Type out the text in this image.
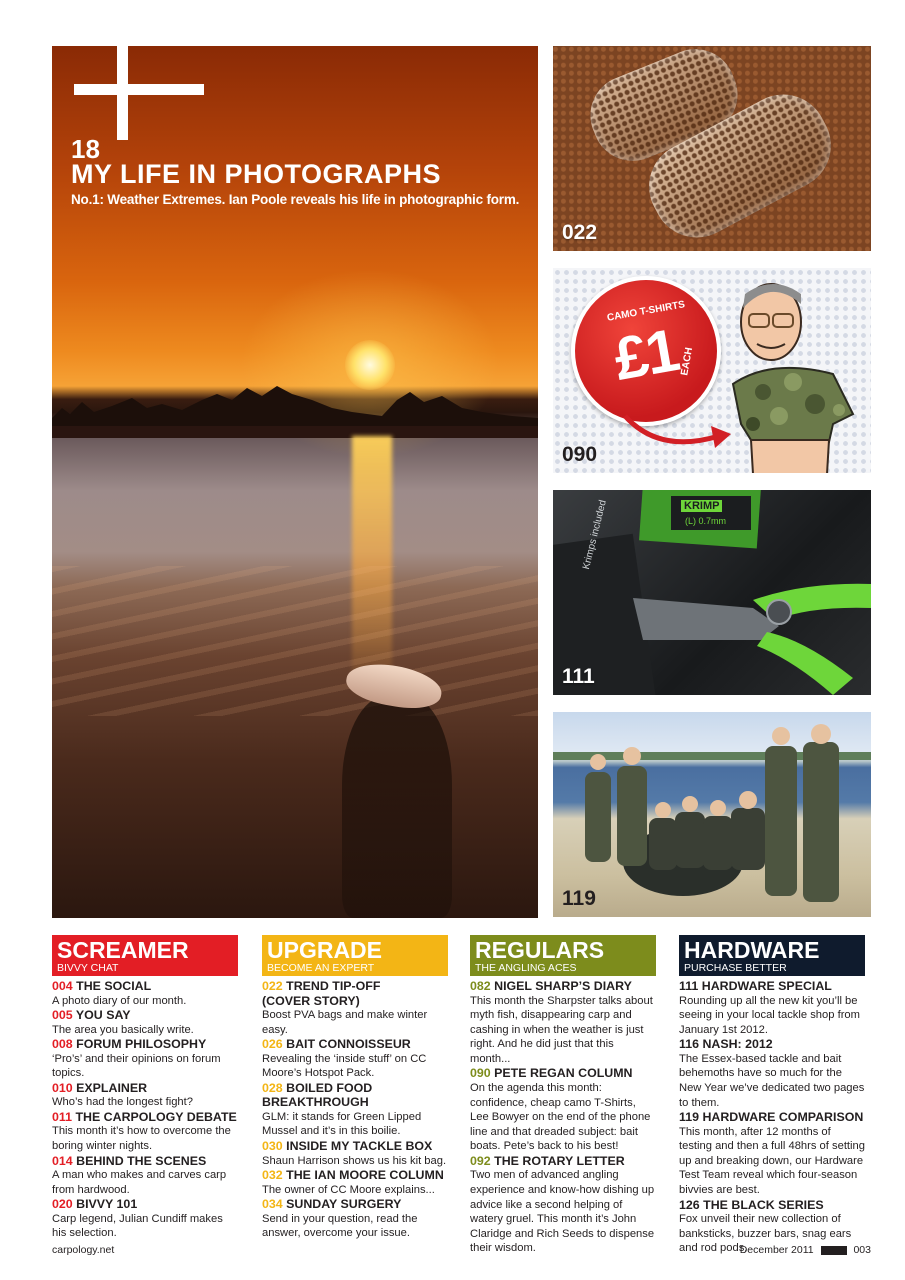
18
MY LIFE IN PHOTOGRAPHS
No.1: Weather Extremes. Ian Poole reveals his life in photographic form.
022
CAMO T-SHIRTS
£1
EACH
090
KRIMP
(L) 0.7mm
Krimps included
111
119
SCREAMER
BIVVY CHAT
004 THE SOCIAL
A photo diary of our month.
005 YOU SAY
The area you basically write.
008 FORUM PHILOSOPHY
‘Pro’s’ and their opinions on forum topics.
010 EXPLAINER
Who’s had the longest fight?
011 THE CARPOLOGY DEBATE
This month it’s how to overcome the boring winter nights.
014 BEHIND THE SCENES
A man who makes and carves carp from hardwood.
020 BIVVY 101
Carp legend, Julian Cundiff makes his selection.
UPGRADE
BECOME AN EXPERT
022 TREND TIP-OFF
(COVER STORY)
Boost PVA bags and make winter easy.
026 BAIT CONNOISSEUR
Revealing the ‘inside stuff’ on CC Moore’s Hotspot Pack.
028 BOILED FOOD
BREAKTHROUGH
GLM: it stands for Green Lipped Mussel and it’s in this boilie.
030 INSIDE MY TACKLE BOX
Shaun Harrison shows us his kit bag.
032 THE IAN MOORE COLUMN
The owner of CC Moore explains...
034 SUNDAY SURGERY
Send in your question, read the answer, overcome your issue.
REGULARS
THE ANGLING ACES
082 NIGEL SHARP’S DIARY
This month the Sharpster talks about myth fish, disappearing carp and cashing in when the weather is just right. And he did just that this month...
090 PETE REGAN COLUMN
On the agenda this month: confidence, cheap camo T-Shirts, Lee Bowyer on the end of the phone line and that dreaded subject: bait boats. Pete’s back to his best!
092 THE ROTARY LETTER
Two men of advanced angling experience and know-how dishing up advice like a second helping of watery gruel. This month it’s John Claridge and Rich Seeds to dispense their wisdom.
HARDWARE
PURCHASE BETTER
111 HARDWARE SPECIAL
Rounding up all the new kit you’ll be seeing in your local tackle shop from January 1st 2012.
116 NASH: 2012
The Essex-based tackle and bait behemoths have so much for the New Year we’ve dedicated two pages to them.
119 HARDWARE COMPARISON
This month, after 12 months of testing and then a full 48hrs of setting up and breaking down, our Hardware Test Team reveal which four-season bivvies are best.
126 THE BLACK SERIES
Fox unveil their new collection of banksticks, buzzer bars, snag ears and rod pods.
carpology.net	December 2011	003
